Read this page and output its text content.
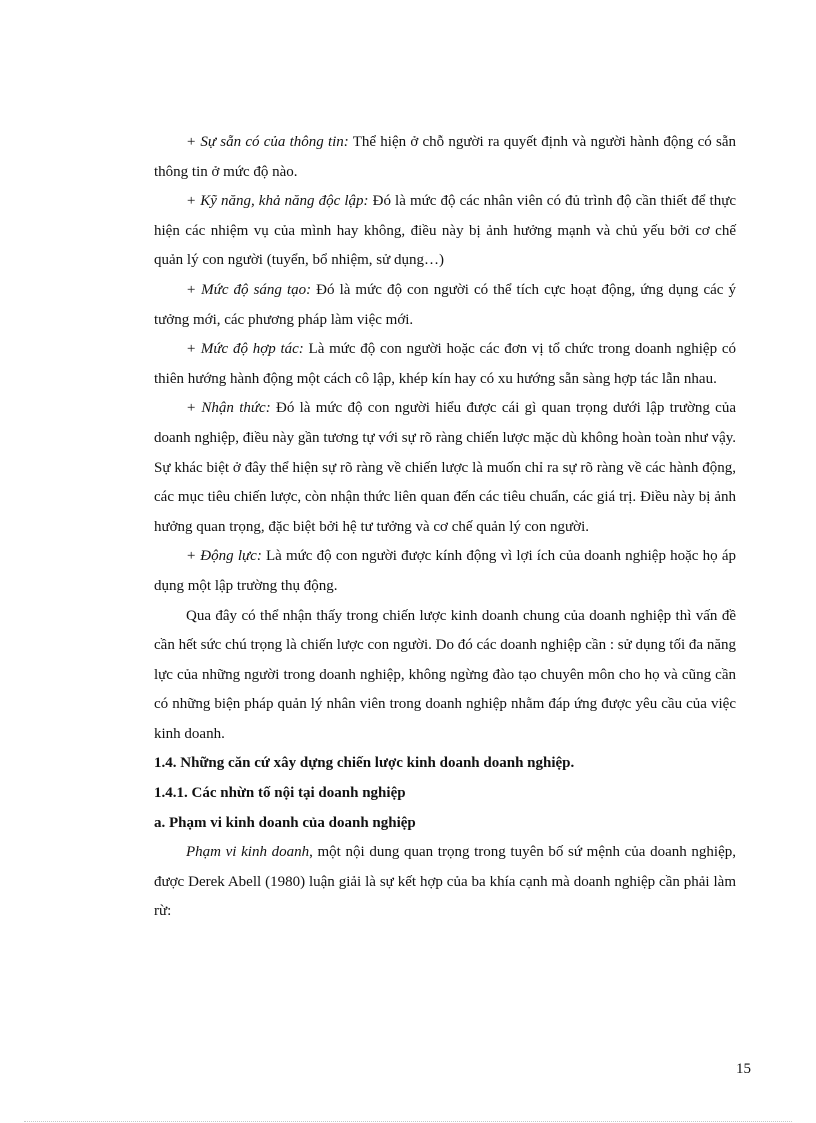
+ Sự sẵn có của thông tin: Thể hiện ở chỗ người ra quyết định và người hành động có sẵn thông tin ở mức độ nào.

+ Kỹ năng, khả năng độc lập: Đó là mức độ các nhân viên có đủ trình độ cần thiết để thực hiện các nhiệm vụ của mình hay không, điều này bị ảnh hưởng mạnh và chủ yếu bởi cơ chế quản lý con người (tuyển, bổ nhiệm, sử dụng…)

+ Mức độ sáng tạo: Đó là mức độ con người có thể tích cực hoạt động, ứng dụng các ý tưởng mới, các phương pháp làm việc mới.

+ Mức độ hợp tác: Là mức độ con người hoặc các đơn vị tổ chức trong doanh nghiệp có thiên hướng hành động một cách cô lập, khép kín hay có xu hướng sẵn sàng hợp tác lẫn nhau.

+ Nhận thức: Đó là mức độ con người hiểu được cái gì quan trọng dưới lập trường của doanh nghiệp, điều này gần tương tự với sự rõ ràng chiến lược mặc dù không hoàn toàn như vậy. Sự khác biệt ở đây thể hiện sự rõ ràng về chiến lược là muốn chỉ ra sự rõ ràng về các hành động, các mục tiêu chiến lược, còn nhận thức liên quan đến các tiêu chuẩn, các giá trị. Điều này bị ảnh hưởng quan trọng, đặc biệt bởi hệ tư tưởng và cơ chế quản lý con người.

+ Động lực: Là mức độ con người được kính động vì lợi ích của doanh nghiệp hoặc họ áp dụng một lập trường thụ động.

Qua đây có thể nhận thấy trong chiến lược kinh doanh chung của doanh nghiệp thì vấn đề cần hết sức chú trọng là chiến lược con người. Do đó các doanh nghiệp cần : sử dụng tối đa năng lực của những người trong doanh nghiệp, không ngừng đào tạo chuyên môn cho họ và cũng cần có những biện pháp quản lý nhân viên trong doanh nghiệp nhằm đáp ứng được yêu cầu của việc kinh doanh.

1.4. Những căn cứ xây dựng chiến lược kinh doanh doanh nghiệp.

1.4.1. Các nhừn tố nội tại doanh nghiệp

a. Phạm vi kinh doanh của doanh nghiệp

Phạm vi kinh doanh, một nội dung quan trọng trong tuyên bố sứ mệnh của doanh nghiệp, được Derek Abell (1980) luận giải là sự kết hợp của ba khía cạnh mà doanh nghiệp cần phải làm rừ:

15
